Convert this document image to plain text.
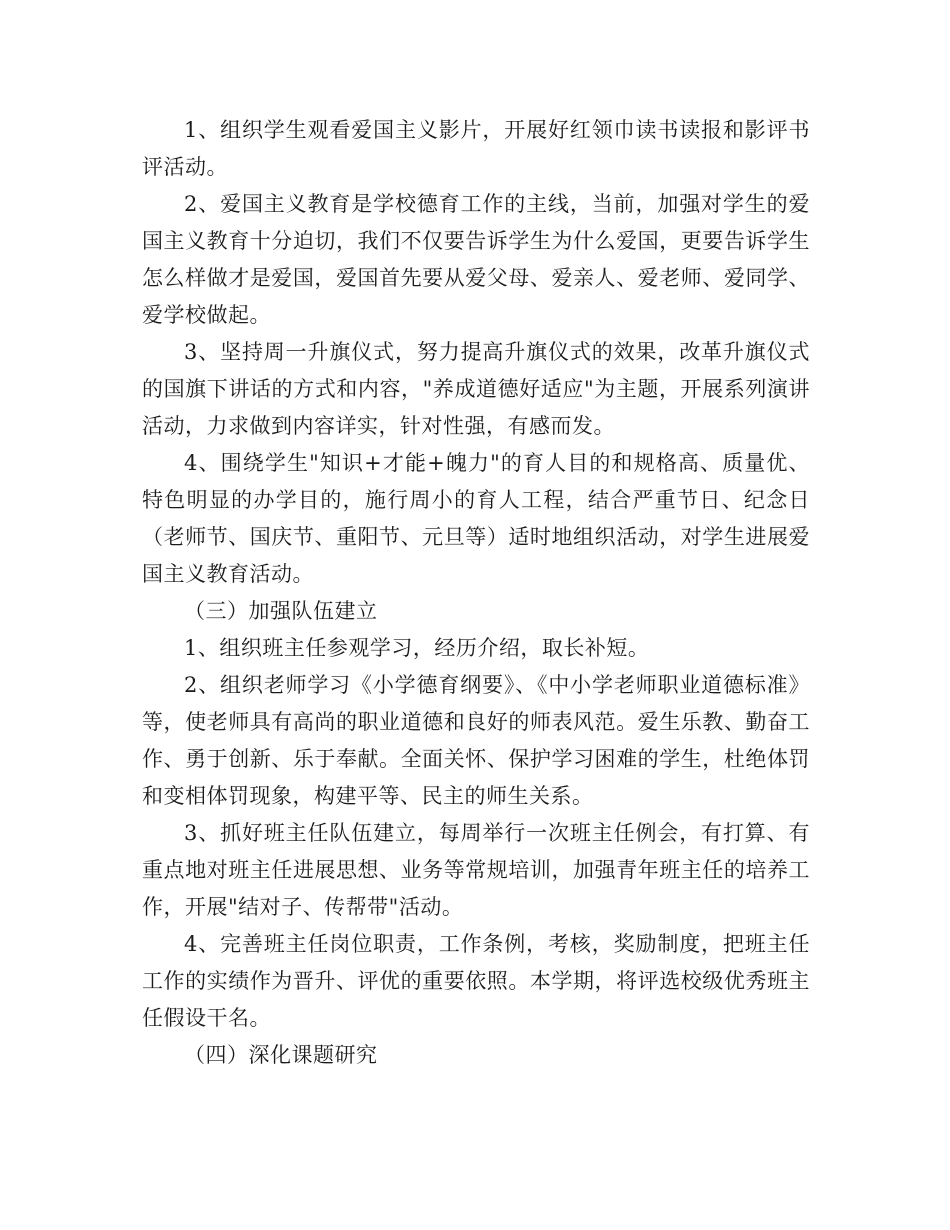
1、组织学生观看爱国主义影片，开展好红领巾读书读报和影评书评活动。

2、爱国主义教育是学校德育工作的主线，当前，加强对学生的爱国主义教育十分迫切，我们不仅要告诉学生为什么爱国，更要告诉学生怎么样做才是爱国，爱国首先要从爱父母、爱亲人、爱老师、爱同学、爱学校做起。

3、坚持周一升旗仪式，努力提高升旗仪式的效果，改革升旗仪式的国旗下讲话的方式和内容，"养成道德好适应"为主题，开展系列演讲活动，力求做到内容详实，针对性强，有感而发。

4、围绕学生"知识+才能+魄力"的育人目的和规格高、质量优、特色明显的办学目的，施行周小的育人工程，结合严重节日、纪念日（老师节、国庆节、重阳节、元旦等）适时地组织活动，对学生进展爱国主义教育活动。

（三）加强队伍建立

1、组织班主任参观学习，经历介绍，取长补短。

2、组织老师学习《小学德育纲要》、《中小学老师职业道德标准》等，使老师具有高尚的职业道德和良好的师表风范。爱生乐教、勤奋工作、勇于创新、乐于奉献。全面关怀、保护学习困难的学生，杜绝体罚和变相体罚现象，构建平等、民主的师生关系。

3、抓好班主任队伍建立，每周举行一次班主任例会，有打算、有重点地对班主任进展思想、业务等常规培训，加强青年班主任的培养工作，开展"结对子、传帮带"活动。

4、完善班主任岗位职责，工作条例，考核，奖励制度，把班主任工作的实绩作为晋升、评优的重要依照。本学期，将评选校级优秀班主任假设干名。

（四）深化课题研究
